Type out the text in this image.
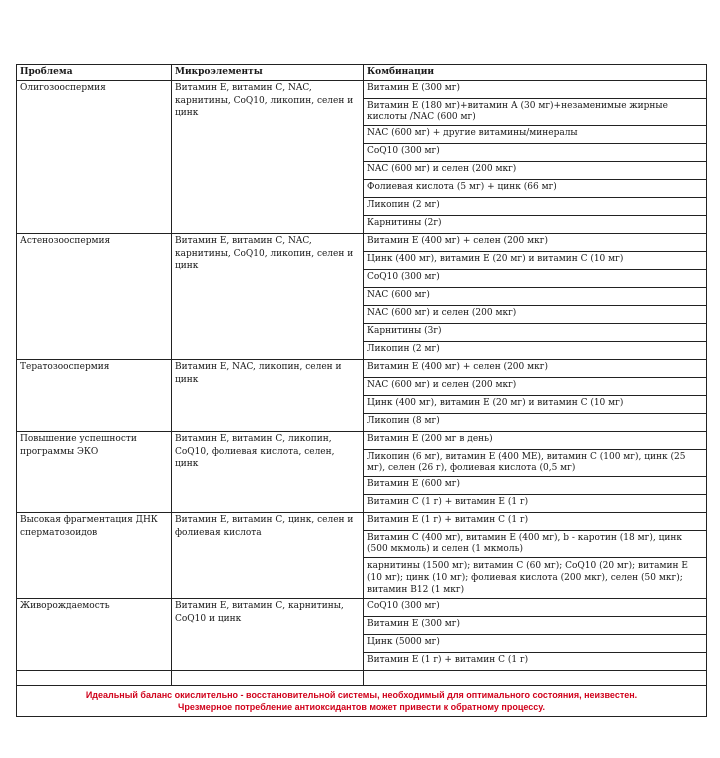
Проблема	Микроэлементы	Комбинации
Олигозооспермия	Витамин Е, витамин С, NAC, карнитины, CoQ10, ликопин, селен и цинк	Витамин Е (300 мг)
		Витамин Е (180 мг)+витамин А (30 мг)+незаменимые жирные кислоты /NAC (600 мг)
		NAC (600 мг) + другие витамины/минералы
		CoQ10 (300 мг)
		NAC (600 мг) и селен (200 мкг)
		Фолиевая кислота (5 мг) + цинк (66 мг)
		Ликопин (2 мг)
		Карнитины (2г)
Астенозооспермия	Витамин Е, витамин С, NAC, карнитины, CoQ10, ликопин, селен и цинк	Витамин Е (400 мг) + селен (200 мкг)
		Цинк (400 мг), витамин Е (20 мг) и витамин С (10 мг)
		CoQ10 (300 мг)
		NAC (600 мг)
		NAC (600 мг) и селен (200 мкг)
		Карнитины (3г)
		Ликопин (2 мг)
Тератозооспермия	Витамин Е, NAC, ликопин, селен и цинк	Витамин Е (400 мг) + селен (200 мкг)
		NAC (600 мг) и селен (200 мкг)
		Цинк (400 мг), витамин Е (20 мг) и витамин С (10 мг)
		Ликопин (8 мг)
Повышение успешности программы ЭКО	Витамин Е, витамин С, ликопин, CoQ10, фолиевая кислота, селен, цинк	Витамин Е (200 мг в день)
		Ликопин (6 мг), витамин Е (400 МЕ), витамин С (100 мг), цинк (25 мг), селен (26 г), фолиевая кислота (0,5 мг)
		Витамин Е (600 мг)
		Витамин С (1 г) + витамин Е (1 г)
Высокая фрагментация ДНК сперматозоидов	Витамин Е, витамин С, цинк, селен и фолиевая кислота	Витамин Е (1 г) + витамин С (1 г)
		Витамин С (400 мг), витамин Е (400 мг), b - каротин (18 мг), цинк (500 мкмоль) и селен (1 мкмоль)
		карнитины (1500 мг); витамин С (60 мг); CoQ10 (20 мг); витамин Е (10 мг); цинк (10 мг); фолиевая кислота (200 мкг), селен (50 мкг); витамин В12 (1 мкг)
Живорождаемость	Витамин Е, витамин С, карнитины, CoQ10 и цинк	CoQ10 (300 мг)
		Витамин Е (300 мг)
		Цинк (5000 мг)
		Витамин Е (1 г) + витамин С (1 г)

Идеальный баланс окислительно - восстановительной системы, необходимый для оптимального состояния, неизвестен.
Чрезмерное потребление антиоксидантов может привести к обратному процессу.		
